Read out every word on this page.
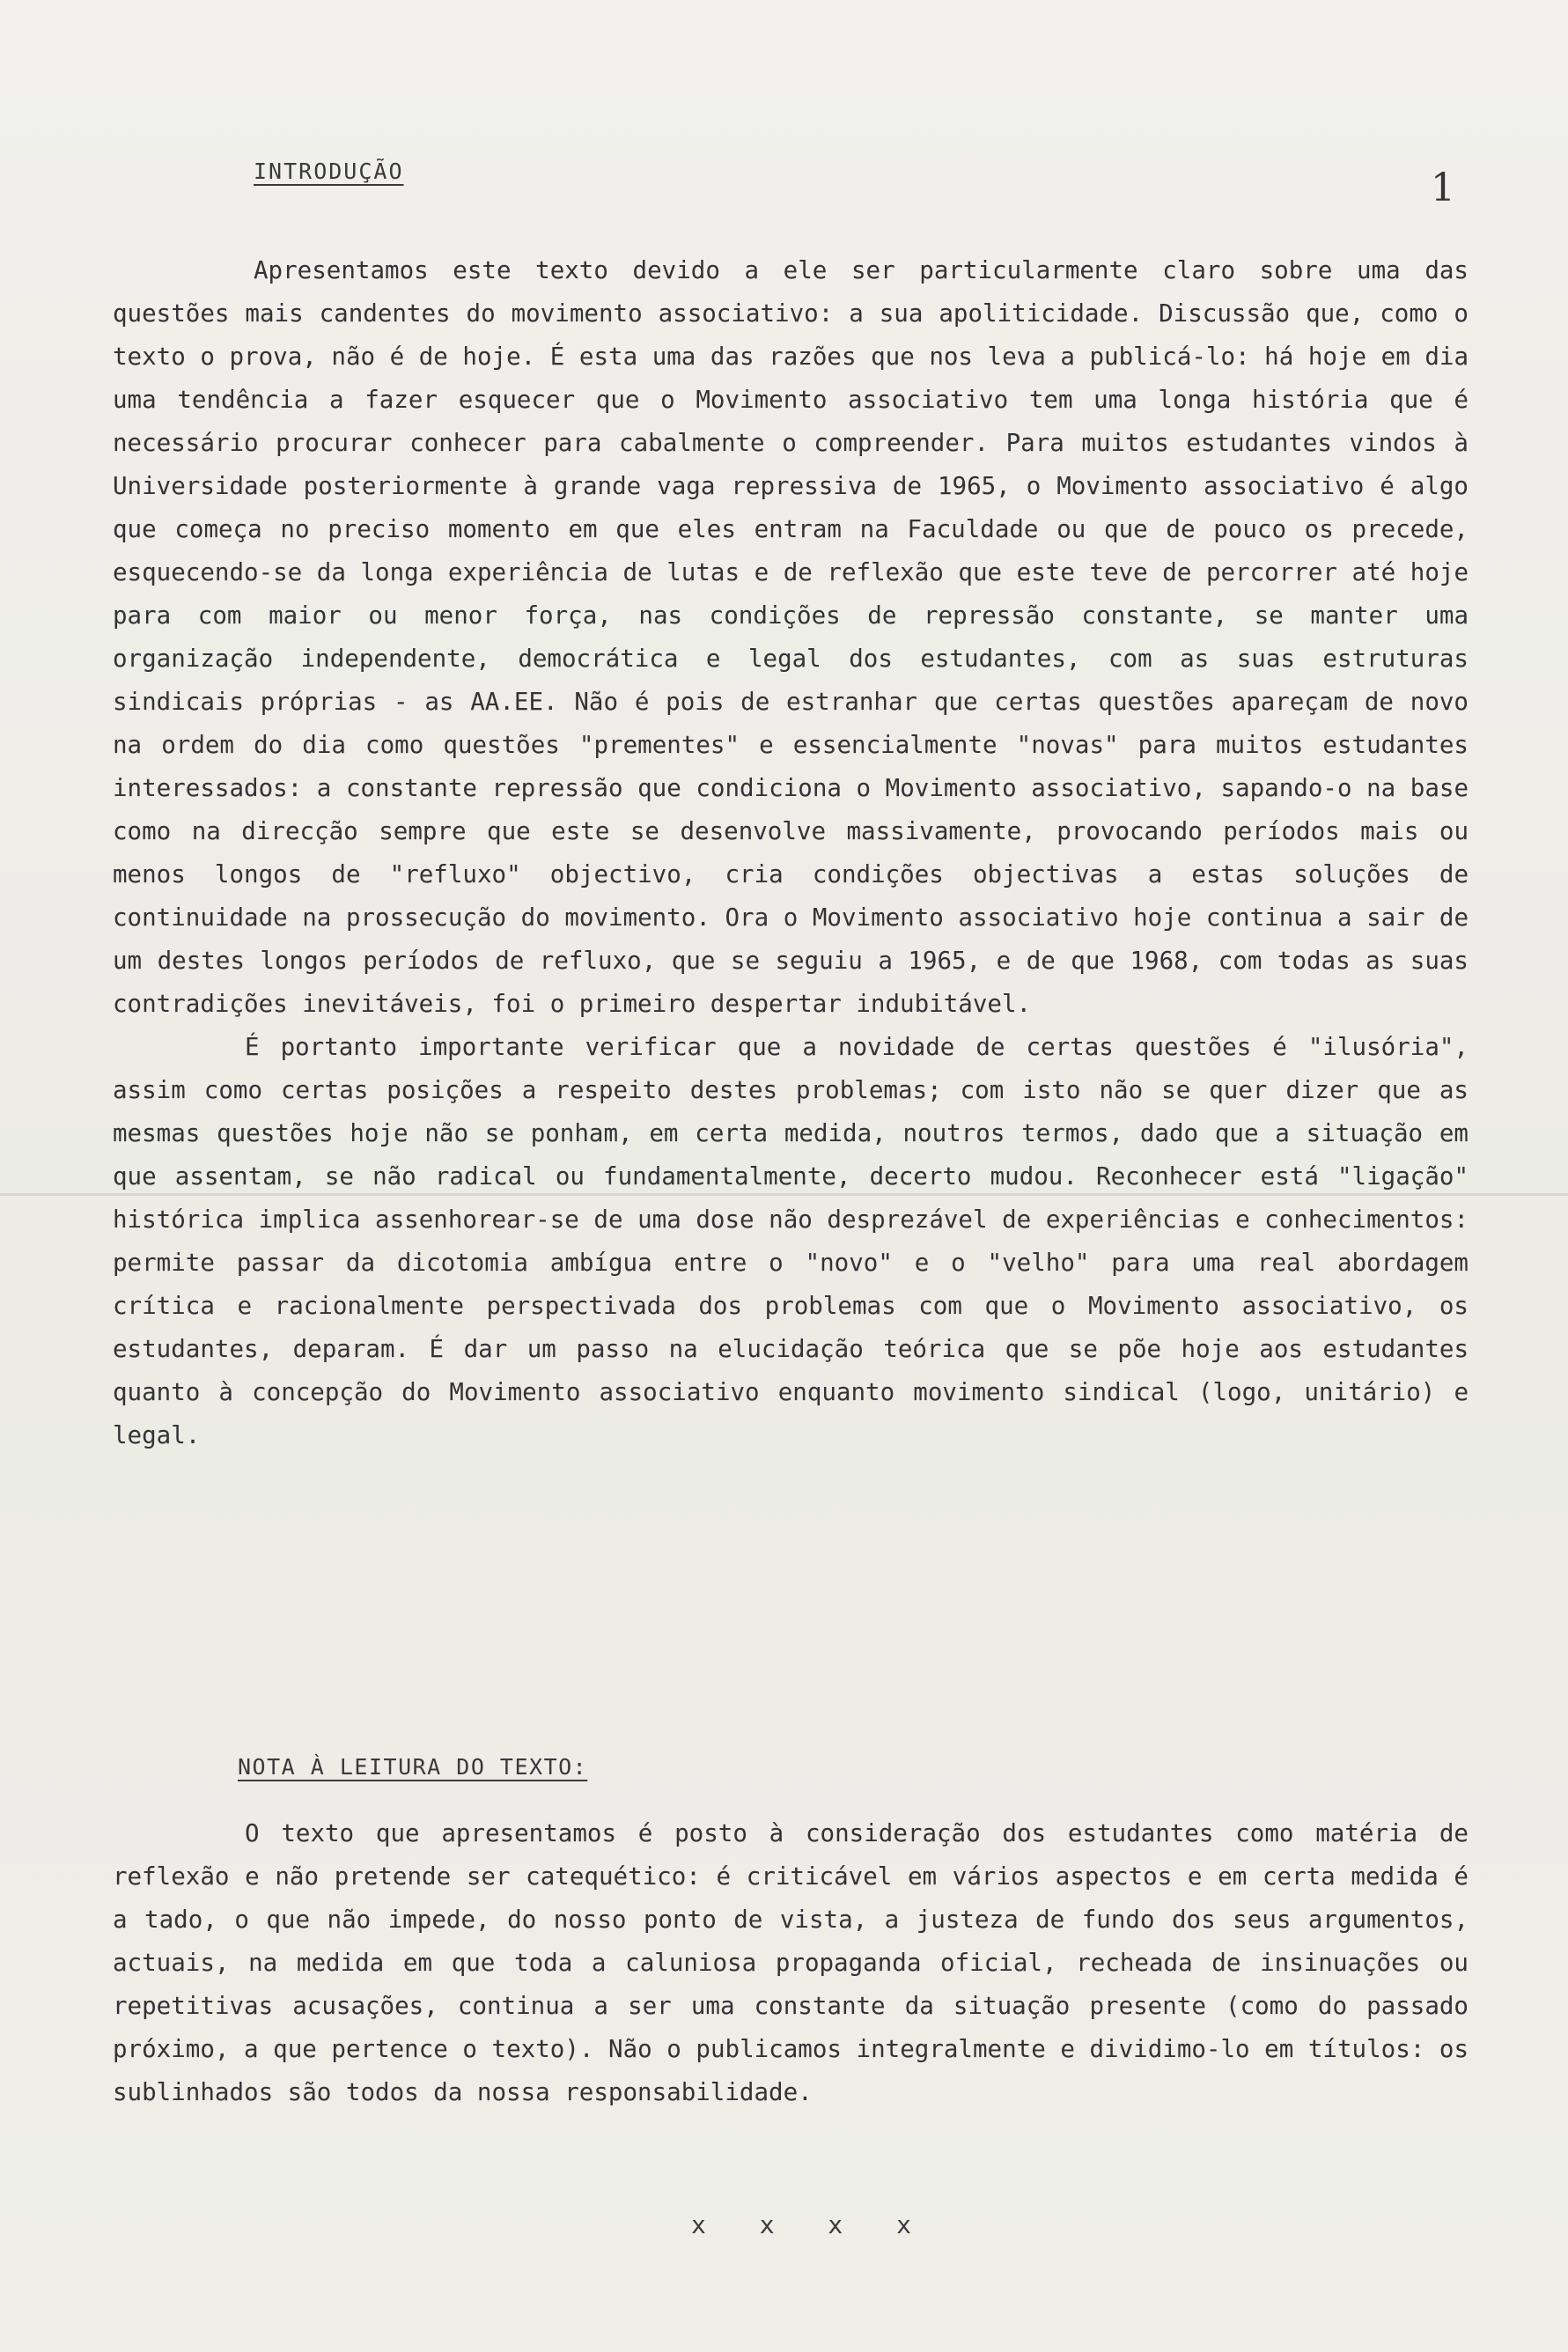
INTRODUÇÃO	1

Apresentamos este texto devido a ele ser particularmente claro sobre uma das questões mais candentes do movimento associativo: a sua apoliticidade. Discussão que, como o texto o prova, não é de hoje. É esta uma das razões que nos leva a publicá-lo: há hoje em dia uma tendência a fazer esquecer que o Movimento associativo tem uma longa história que é necessário procurar conhecer para cabalmente o compreender. Para muitos estudantes vindos à Universidade posteriormente à grande vaga repressiva de 1965, o Movimento associativo é algo que começa no preciso momento em que eles entram na Faculdade ou que de pouco os precede, esquecendo-se da longa experiência de lutas e de reflexão que este teve de percorrer até hoje para com maior ou menor força, nas condições de repressão constante, se manter uma organização independente, democrática e legal dos estudantes, com as suas estruturas sindicais próprias - as AA.EE. Não é pois de estranhar que certas questões apareçam de novo na ordem do dia como questões "prementes" e essencialmente "novas" para muitos estudantes interessados: a constante repressão que condiciona o Movimento associativo, sapando-o na base como na direcção sempre que este se desenvolve massivamente, provocando períodos mais ou menos longos de "refluxo" objectivo, cria condições objectivas a estas soluções de continuidade na prossecução do movimento. Ora o Movimento associativo hoje continua a sair de um destes longos períodos de refluxo, que se seguiu a 1965, e de que 1968, com todas as suas contradições inevitáveis, foi o primeiro despertar indubitável.

É portanto importante verificar que a novidade de certas questões é "ilusória", assim como certas posições a respeito destes problemas; com isto não se quer dizer que as mesmas questões hoje não se ponham, em certa medida, noutros termos, dado que a situação em que assentam, se não radical ou fundamentalmente, decerto mudou. Reconhecer está "ligação" histórica implica assenhorear-se de uma dose não desprezável de experiências e conhecimentos: permite passar da dicotomia ambígua entre o "novo" e o "velho" para uma real abordagem crítica e racionalmente perspectivada dos problemas com que o Movimento associativo, os estudantes, deparam. É dar um passo na elucidação teórica que se põe hoje aos estudantes quanto à concepção do Movimento associativo enquanto movimento sindical (logo, unitário) e legal.

NOTA À LEITURA DO TEXTO:

O texto que apresentamos é posto à consideração dos estudantes como matéria de reflexão e não pretende ser catequético: é criticável em vários aspectos e em certa medida é a tado, o que não impede, do nosso ponto de vista, a justeza de fundo dos seus argumentos, actuais, na medida em que toda a caluniosa propaganda oficial, recheada de insinuações ou repetitivas acusações, continua a ser uma constante da situação presente (como do passado próximo, a que pertence o texto). Não o publicamos integralmente e dividimo-lo em títulos: os sublinhados são todos da nossa responsabilidade.

x x x x
